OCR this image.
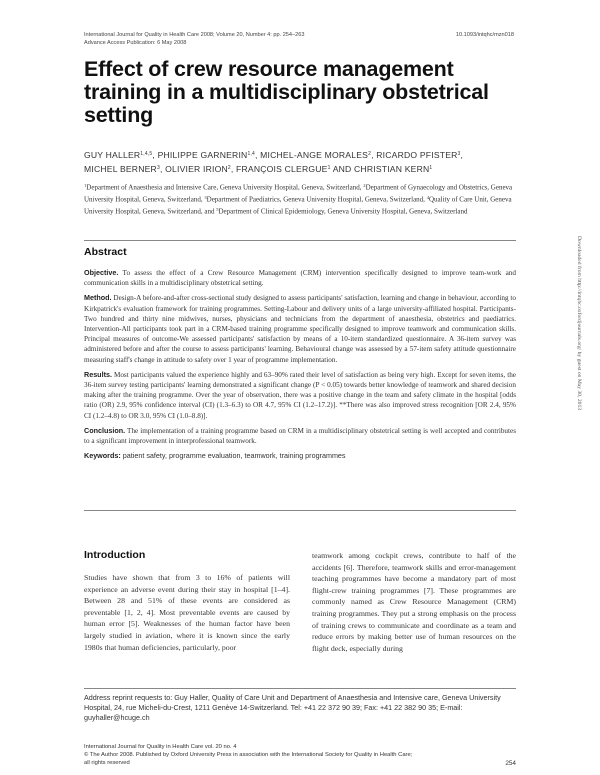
International Journal for Quality in Health Care 2008; Volume 20, Number 4: pp. 254–263
Advance Access Publication: 6 May 2008
10.1093/intqhc/mzn018
Effect of crew resource management training in a multidisciplinary obstetrical setting
GUY HALLER$^{1,4,5}$, PHILIPPE GARNERIN$^{1,4}$, MICHEL-ANGE MORALES$^2$, RICARDO PFISTER$^3$,
MICHEL BERNER$^3$, OLIVIER IRION$^2$, FRANÇOIS CLERGUE$^1$ AND CHRISTIAN KERN$^1$
$^1$Department of Anaesthesia and Intensive Care, Geneva University Hospital, Geneva, Switzerland, $^2$Department of Gynaecology and Obstetrics, Geneva University Hospital, Geneva, Switzerland, $^3$Department of Paediatrics, Geneva University Hospital, Geneva, Switzerland, $^4$Quality of Care Unit, Geneva University Hospital, Geneva, Switzerland, and $^5$Department of Clinical Epidemiology, Geneva University Hospital, Geneva, Switzerland
Abstract

Objective. To assess the effect of a Crew Resource Management (CRM) intervention specifically designed to improve team-work and communication skills in a multidisciplinary obstetrical setting.

Method. Design-A before-and-after cross-sectional study designed to assess participants' satisfaction, learning and change in behaviour, according to Kirkpatrick's evaluation framework for training programmes. Setting-Labour and delivery units of a large university-affiliated hospital. Participants-Two hundred and thirty nine midwives, nurses, physicians and technicians from the department of anaesthesia, obstetrics and paediatrics. Intervention-All participants took part in a CRM-based training programme specifically designed to improve teamwork and communication skills. Principal measures of outcome-We assessed participants' satisfaction by means of a 10-item standardized questionnaire. A 36-item survey was administered before and after the course to assess participants' learning. Behavioural change was assessed by a 57-item safety attitude questionnaire measuring staff's change in attitude to safety over 1 year of programme implementation.

Results. Most participants valued the experience highly and 63–90% rated their level of satisfaction as being very high. Except for seven items, the 36-item survey testing participants' learning demonstrated a significant change (P < 0.05) towards better knowledge of teamwork and shared decision making after the training programme. Over the year of observation, there was a positive change in the team and safety climate in the hospital [odds ratio (OR) 2.9, 95% confidence interval (CI) (1.3–6.3) to OR 4.7, 95% CI (1.2–17.2)]. **There was also improved stress recognition [OR 2.4, 95% CI (1.2–4.8) to OR 3.0, 95% CI (1.0–8.8)].

Conclusion. The implementation of a training programme based on CRM in a multidisciplinary obstetrical setting is well accepted and contributes to a significant improvement in interprofessional teamwork.

Keywords: patient safety, programme evaluation, teamwork, training programmes

Downloaded from http://intqhc.oxfordjournals.org/ by guest on May 30, 2013
Introduction
Studies have shown that from 3 to 16% of patients will experience an adverse event during their stay in hospital [1–4]. Between 28 and 51% of these events are considered as preventable [1, 2, 4]. Most preventable events are caused by human error [5]. Weaknesses of the human factor have been largely studied in aviation, where it is known since the early 1980s that human deficiencies, particularly, poor
teamwork among cockpit crews, contribute to half of the accidents [6]. Therefore, teamwork skills and error-management teaching programmes have become a mandatory part of most flight-crew training programmes [7]. These programmes are commonly named as Crew Resource Management (CRM) training programmes. They put a strong emphasis on the process of training crews to communicate and coordinate as a team and reduce errors by making better use of human resources on the flight deck, especially during
Address reprint requests to: Guy Haller, Quality of Care Unit and Department of Anaesthesia and Intensive care, Geneva University Hospital, 24, rue Micheli-du-Crest, 1211 Genève 14-Switzerland. Tel: +41 22 372 90 39; Fax: +41 22 382 90 35; E-mail: guyhaller@hcuge.ch
International Journal for Quality in Health Care vol. 20 no. 4
© The Author 2008. Published by Oxford University Press in association with the International Society for Quality in Health Care;
all rights reserved	254
